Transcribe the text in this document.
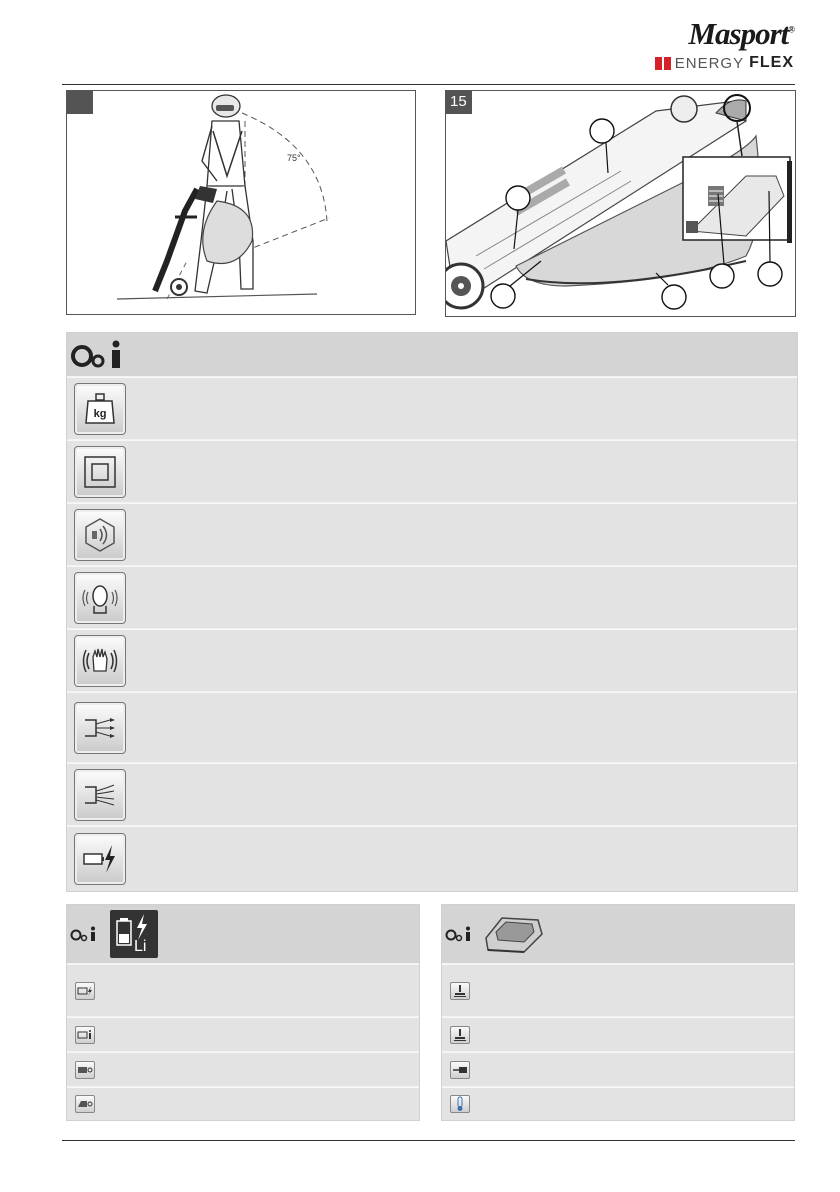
Masport®
ENERGY FLEX
75°
15
kg
Li
